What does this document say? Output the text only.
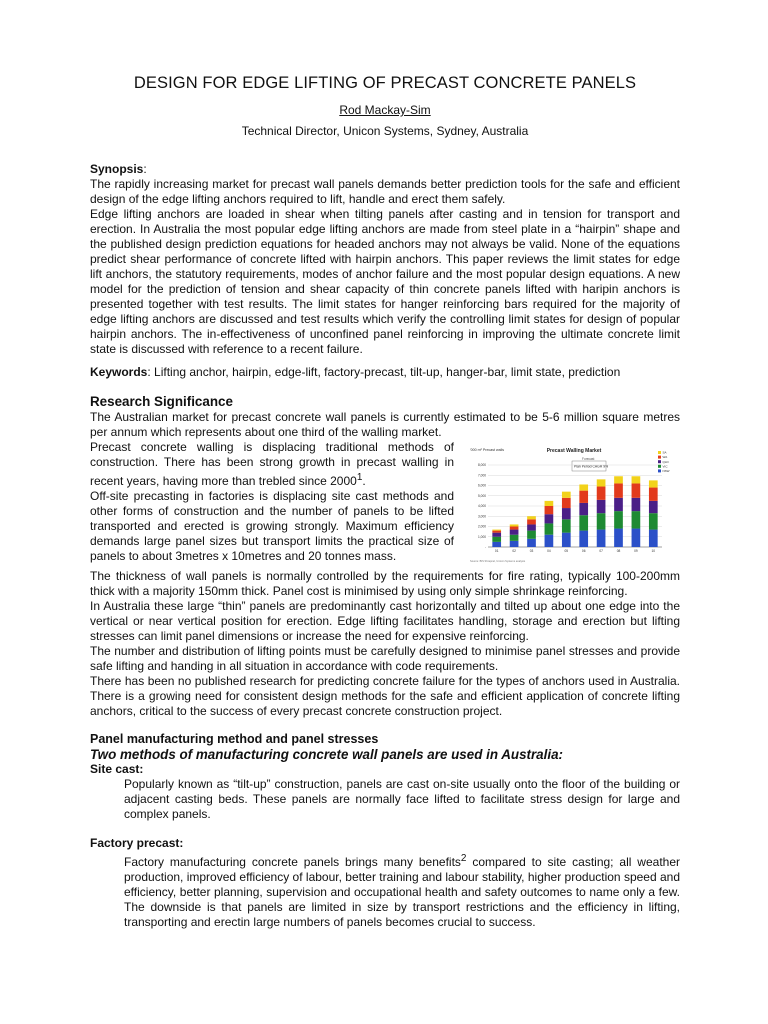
DESIGN FOR EDGE LIFTING OF PRECAST CONCRETE PANELS

Rod Mackay-Sim

Technical Director, Unicon Systems, Sydney, Australia

Synopsis:

The rapidly increasing market for precast wall panels demands better prediction tools for the safe and efficient design of the edge lifting anchors required to lift, handle and erect them safely.

Edge lifting anchors are loaded in shear when tilting panels after casting and in tension for transport and erection. In Australia the most popular edge lifting anchors are made from steel plate in a “hairpin” shape and the published design prediction equations for headed anchors may not always be valid. None of the equations predict shear performance of concrete lifted with hairpin anchors. This paper reviews the limit states for edge lift anchors, the statutory requirements, modes of anchor failure and the most popular design equations. A new model for the prediction of tension and shear capacity of thin concrete panels lifted with haripin anchors is presented together with test results. The limit states for hanger reinforcing bars required for the majority of edge lifting anchors are discussed and test results which verify the controlling limit states for design of popular hairpin anchors. The in-effectiveness of unconfined panel reinforcing in improving the ultimate concrete limit state is discussed with reference to a recent failure.

Keywords: Lifting anchor, hairpin, edge-lift, factory-precast, tilt-up, hanger-bar, limit state, prediction

Research Significance

The Australian market for precast concrete wall panels is currently estimated to be 5-6 million square metres per annum which represents about one third of the walling market.

'000 m² Precast walls	Precast Walling Market
Forecast
Plan Period CAGR 9%
Source: BIS Shrapnel, Unicon Systems analysis
8,000
7,000
6,000
5,000
4,000
3,000
2,000
1,000
-
01	02	03	04	05	06	07	08	09	10
SA
WA
QLD
VIC
NSW

Precast concrete walling is displacing traditional methods of construction. There has been strong growth in precast walling in recent years, having more than trebled since 2000$^1$.

Off-site precasting in factories is displacing site cast methods and other forms of construction and the number of panels to be lifted transported and erected is growing strongly. Maximum efficiency demands large panel sizes but transport limits the practical size of panels to about 3metres x 10metres and 20 tonnes mass.

The thickness of wall panels is normally controlled by the requirements for fire rating, typically 100-200mm thick with a majority 150mm thick. Panel cost is minimised by using only simple shrinkage reinforcing.

In Australia these large “thin” panels are predominantly cast horizontally and tilted up about one edge into the vertical or near vertical position for erection. Edge lifting facilitates handling, storage and erection but lifting stresses can limit panel dimensions or increase the need for expensive reinforcing.

The number and distribution of lifting points must be carefully designed to minimise panel stresses and provide safe lifting and handing in all situation in accordance with code requirements.

There has been no published research for predicting concrete failure for the types of anchors used in Australia. There is a growing need for consistent design methods for the safe and efficient application of concrete lifting anchors, critical to the success of every precast concrete construction project.

Panel manufacturing method and panel stresses

Two methods of manufacturing concrete wall panels are used in Australia:

Site cast:

Popularly known as “tilt-up” construction, panels are cast on-site usually onto the floor of the building or adjacent casting beds. These panels are normally face lifted to facilitate stress design for large and complex panels.

Factory precast:

Factory manufacturing concrete panels brings many benefits$^2$ compared to site casting; all weather production, improved efficiency of labour, better training and labour stability, higher production speed and efficiency, better planning, supervision and occupational health and safety outcomes to name only a few. The downside is that panels are limited in size by transport restrictions and the efficiency in lifting, transporting and erectin large numbers of panels becomes crucial to success.
